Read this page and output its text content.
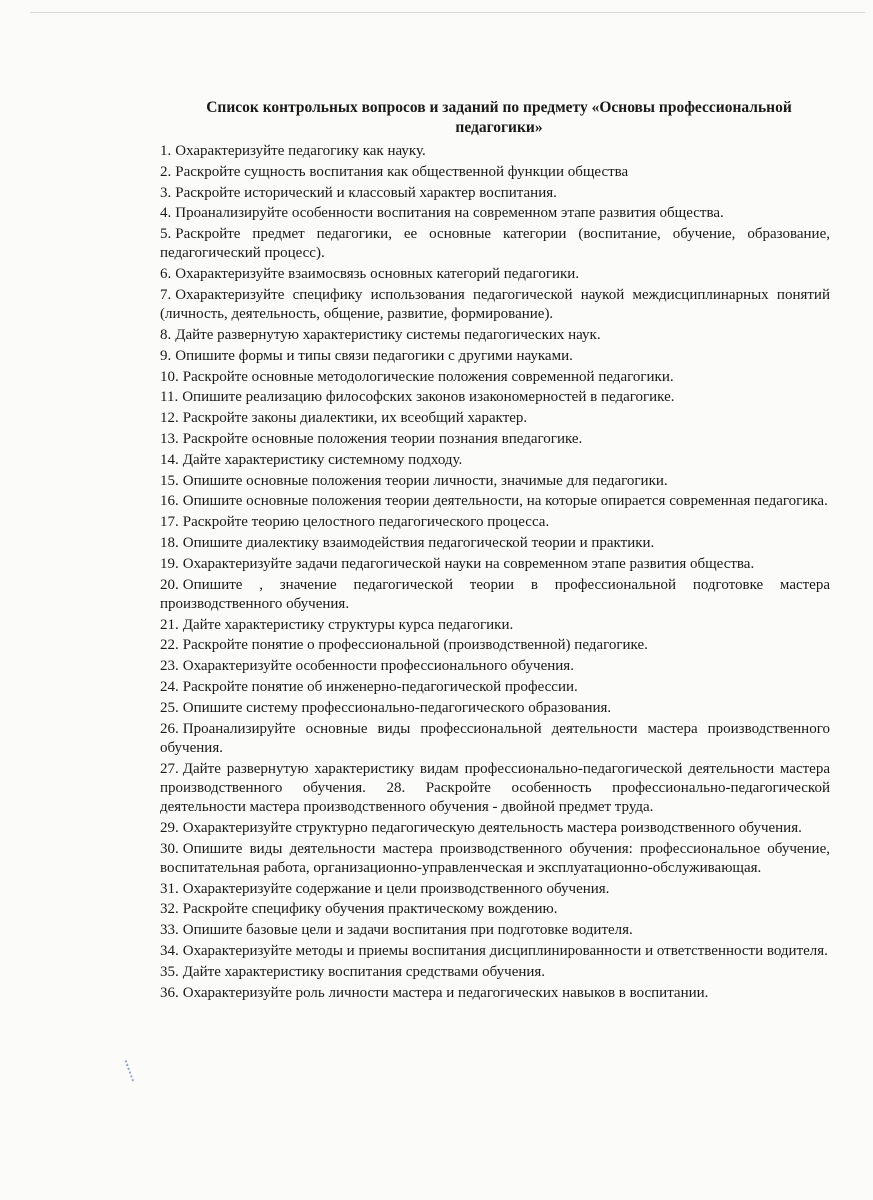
Список контрольных вопросов и заданий по предмету «Основы профессиональной педагогики»
1. Охарактеризуйте педагогику как науку.
2. Раскройте сущность воспитания как общественной функции общества
3. Раскройте исторический и классовый характер воспитания.
4. Проанализируйте особенности воспитания на современном этапе развития общества.
5. Раскройте предмет педагогики, ее основные категории (воспитание, обучение, образование, педагогический процесс).
6. Охарактеризуйте взаимосвязь основных категорий педагогики.
7. Охарактеризуйте специфику использования педагогической наукой междисциплинарных понятий (личность, деятельность, общение, развитие, формирование).
8. Дайте развернутую характеристику системы педагогических наук.
9. Опишите формы и типы связи педагогики с другими науками.
10. Раскройте основные методологические положения современной педагогики.
11. Опишите реализацию философских законов изакономерностей в педагогике.
12. Раскройте законы диалектики, их всеобщий характер.
13. Раскройте основные положения теории познания впедагогике.
14. Дайте характеристику системному подходу.
15. Опишите основные положения теории личности, значимые для педагогики.
16. Опишите основные положения теории деятельности, на которые опирается современная педагогика.
17. Раскройте теорию целостного педагогического процесса.
18. Опишите диалектику взаимодействия педагогической теории и практики.
19. Охарактеризуйте задачи педагогической науки на современном этапе развития общества.
20. Опишите , значение педагогической теории в профессиональной подготовке мастера производственного обучения.
21. Дайте характеристику структуры курса педагогики.
22. Раскройте понятие о профессиональной (производственной) педагогике.
23. Охарактеризуйте особенности профессионального обучения.
24. Раскройте понятие об инженерно-педагогической профессии.
25. Опишите систему профессионально-педагогического образования.
26. Проанализируйте основные виды профессиональной деятельности мастера производственного обучения.
27. Дайте развернутую характеристику видам профессионально-педагогической деятельности мастера производственного обучения. 28. Раскройте особенность профессионально-педагогической деятельности мастера производственного обучения - двойной предмет труда.
29. Охарактеризуйте структурно педагогическую деятельность мастера роизводственного обучения.
30. Опишите виды деятельности мастера производственного обучения: профессиональное обучение, воспитательная работа, организационно-управленческая и эксплуатационно-обслуживающая.
31. Охарактеризуйте содержание и цели производственного обучения.
32. Раскройте специфику обучения практическому вождению.
33. Опишите базовые цели и задачи воспитания при подготовке водителя.
34. Охарактеризуйте методы и приемы воспитания дисциплинированности и ответственности водителя.
35. Дайте характеристику воспитания средствами обучения.
36. Охарактеризуйте роль личности мастера и педагогических навыков в воспитании.
